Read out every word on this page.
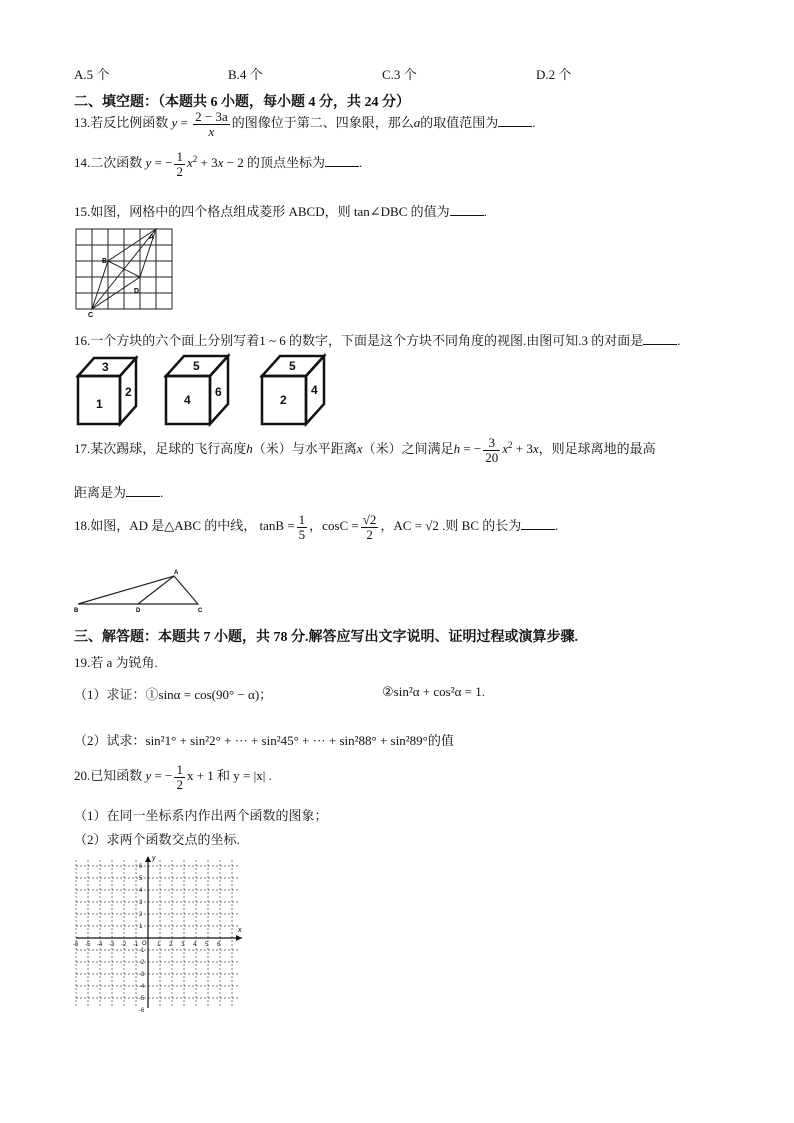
A.5 个	B.4 个	C.3 个	D.2 个
二、填空题：（本题共 6 小题，每小题 4 分，共 24 分）
13.若反比例函数 $y = \frac{2 - 3a}{x}$ 的图像位于第二、四象限，那么a的取值范围为	.
14.二次函数 y = − $\frac{1}{2} x^2 + 3x - 2$ 的顶点坐标为	.
15.如图，网格中的四个格点组成菱形 ABCD，则 tan∠DBC 的值为	.
A
B
C
D
16.一个方块的六个面上分别写着1 ~ 6 的数字，下面是这个方块不同角度的视图.由图可知.3 的对面是	.
3
1
2
5
4
6
5
2
4
17.某次踢球，足球的飞行高度h（米）与水平距离x（米）之间满足h = − $\frac{3}{20} x^2 + 3x$，则足球离地的最高
距离是为	.
18.如图，AD 是△ABC 的中线， $\tan B = \frac{1}{5}$ ，$\cos C = \frac{√2}{2}$ ，AC = √2 .则 BC 的长为	.
A
B	D	C
三、解答题：本题共 7 小题，共 78 分.解答应写出文字说明、证明过程或演算步骤.
19.若 a 为锐角.
（1）求证：①sinα = cos(90° − α)；	②sin²α + cos²α = 1.
（2）试求：sin²1° + sin²2° + ··· + sin²45° + ··· + sin²88° + sin²89°的值
20.已知函数 y = − $\frac{1}{2}$ x + 1 和 y = |x| .
（1）在同一坐标系内作出两个函数的图象；
（2）求两个函数交点的坐标.
-6 -5 -4 -3 -2 -1	1 2 3 4 5 6
-6
-5
-4
-3
-2
-1
1
2
3
4
5
6
x
y
O
